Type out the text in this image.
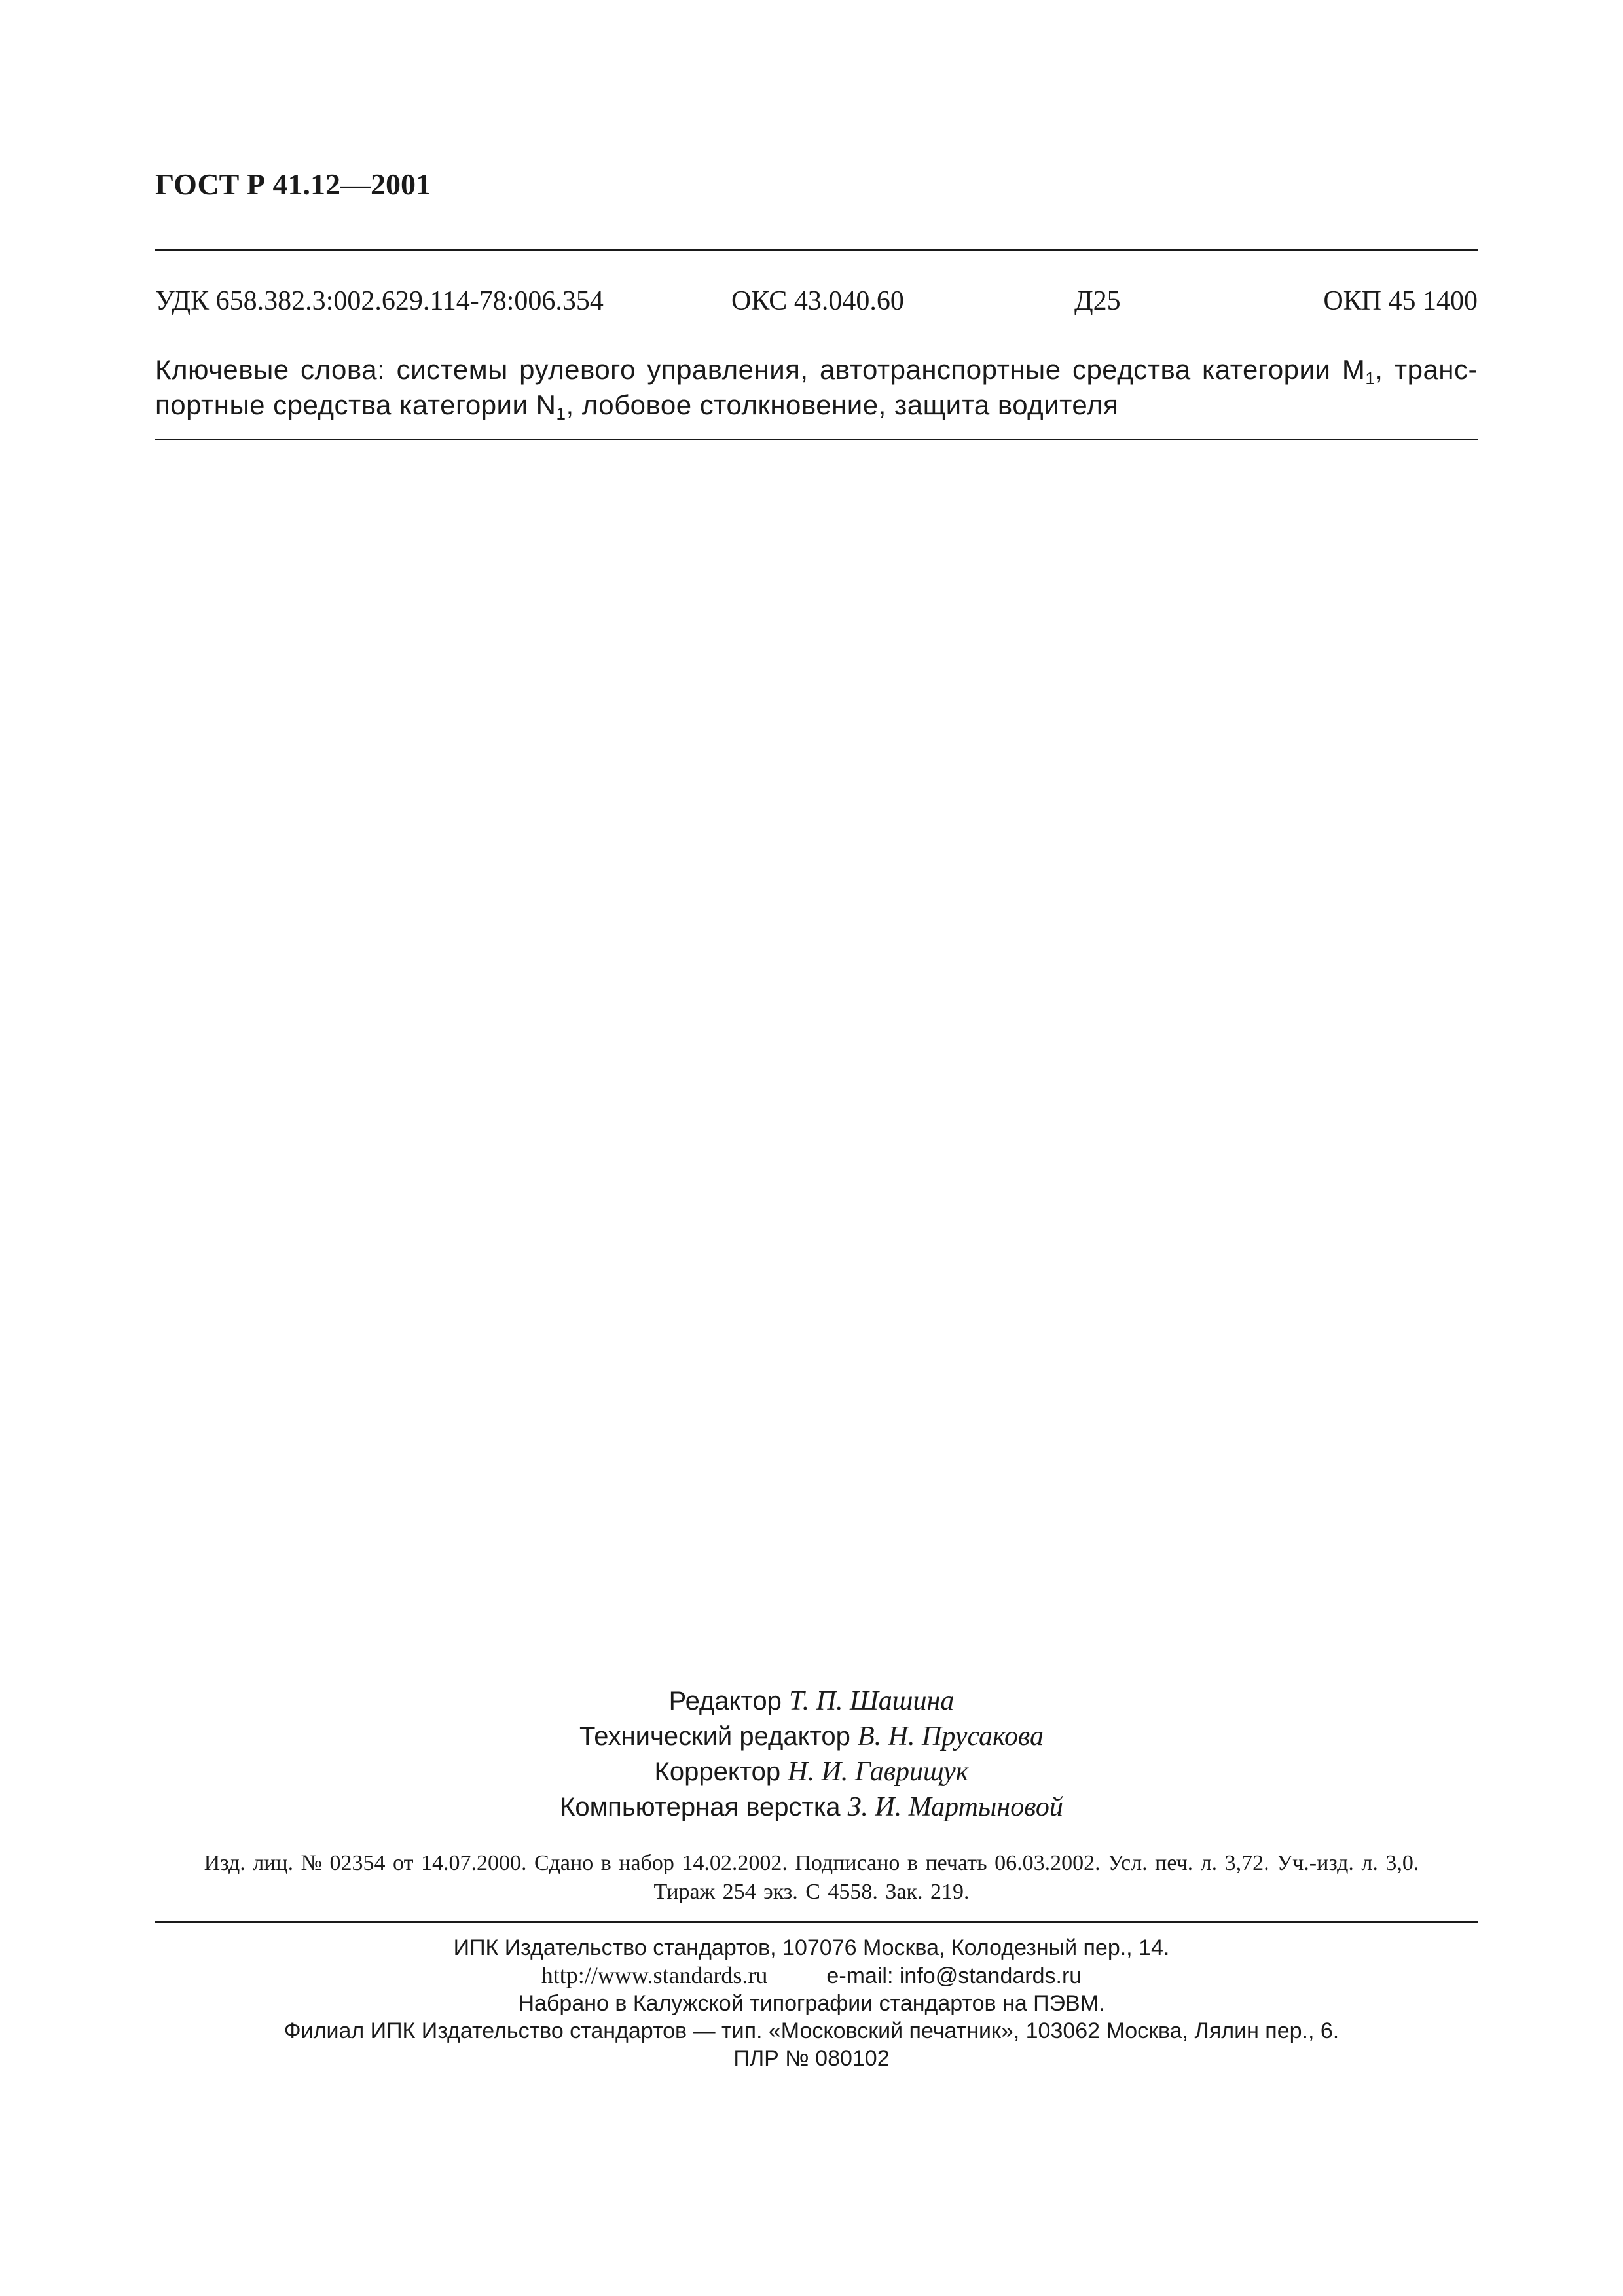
ГОСТ Р 41.12—2001
УДК 658.382.3:002.629.114-78:006.354	ОКС 43.040.60	Д25	ОКП 45 1400
Ключевые слова: системы рулевого управления, автотранспортные средства категории $M_1$, транс-портные средства категории $N_1$, лобовое столкновение, защита водителя
Редактор Т. П. Шашина
Технический редактор В. Н. Прусакова
Корректор Н. И. Гаврищук
Компьютерная верстка З. И. Мартыновой
Изд. лиц. № 02354 от 14.07.2000. Сдано в набор 14.02.2002. Подписано в печать 06.03.2002. Усл. печ. л. 3,72. Уч.-изд. л. 3,0.
Тираж 254 экз. С 4558. Зак. 219.
ИПК Издательство стандартов, 107076 Москва, Колодезный пер., 14.
http://www.standards.ru	e-mail: info@standards.ru
Набрано в Калужской типографии стандартов на ПЭВМ.
Филиал ИПК Издательство стандартов — тип. «Московский печатник», 103062 Москва, Лялин пер., 6.
ПЛР № 080102
